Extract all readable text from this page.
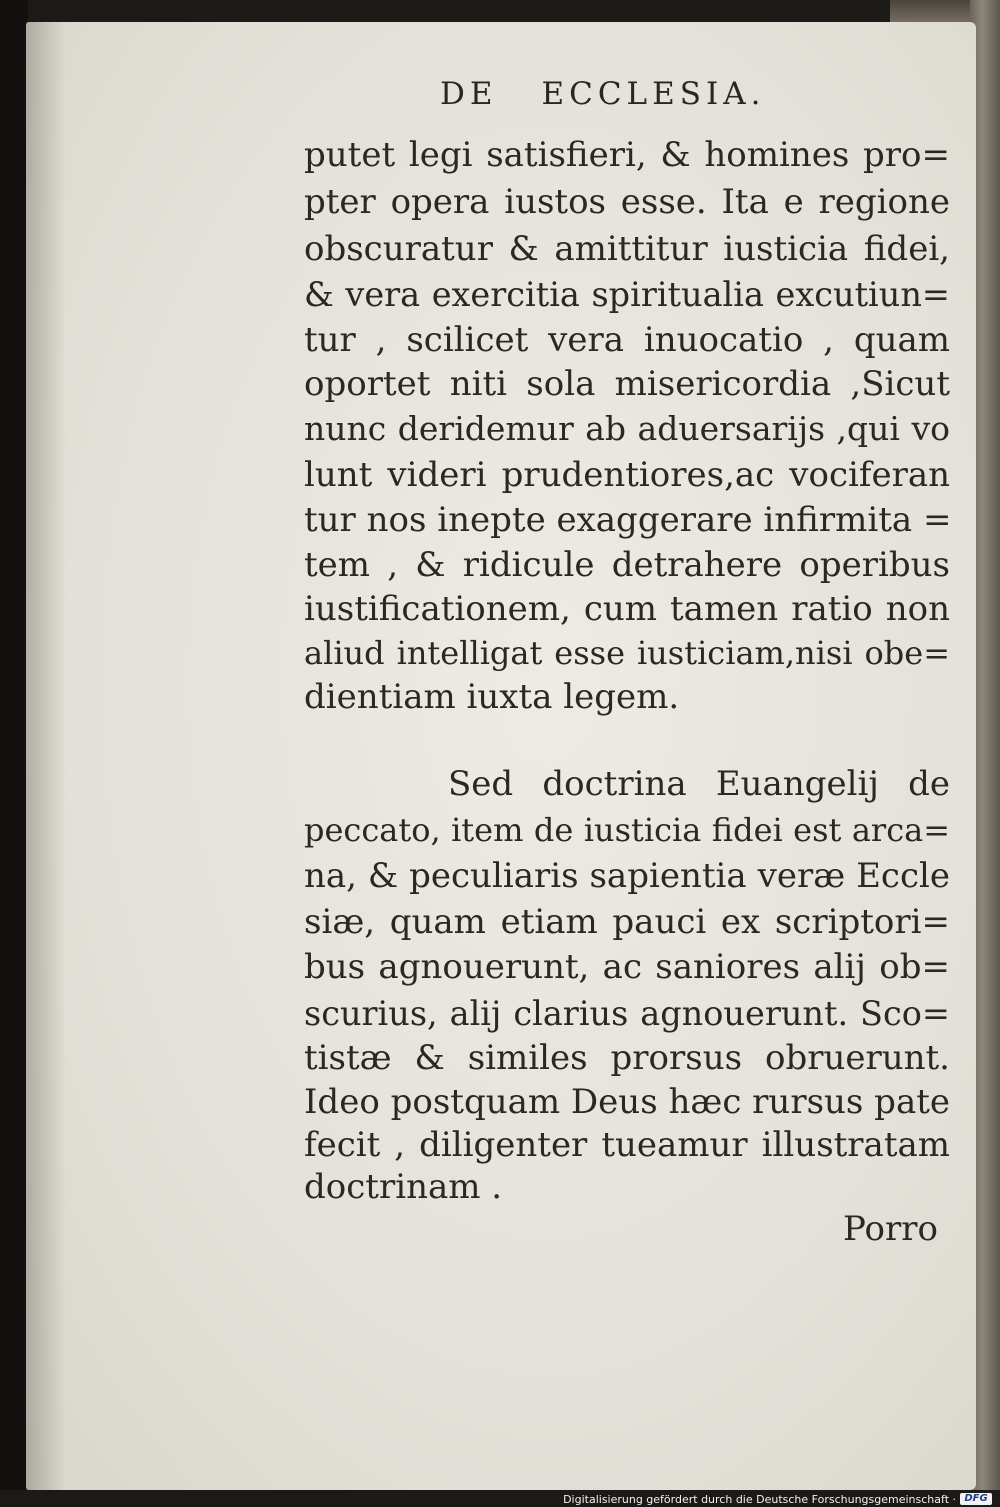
DE ECCLESIA.
putet legi satisfieri, & homines pro=
pter opera iustos esse. Ita e regione
obscuratur & amittitur iusticia fidei,
& vera exercitia spiritualia excutiun=
tur , scilicet vera inuocatio , quam
oportet niti sola misericordia ,Sicut
nunc deridemur ab aduersarijs ,qui vo
lunt videri prudentiores,ac vociferan
tur nos inepte exaggerare infirmita =
tem , & ridicule detrahere operibus
iustificationem, cum tamen ratio non
aliud intelligat esse iusticiam,nisi obe=
dientiam iuxta legem.
Sed doctrina Euangelij de
peccato, item de iusticia fidei est arca=
na, & peculiaris sapientia veræ Eccle
siæ, quam etiam pauci ex scriptori=
bus agnouerunt, ac saniores alij ob=
scurius, alij clarius agnouerunt. Sco=
tistæ & similes prorsus obruerunt.
Ideo postquam Deus hæc rursus pate
fecit , diligenter tueamur illustratam
doctrinam .
Porro
Digitalisierung gefördert durch die Deutsche Forschungsgemeinschaft · DFG
